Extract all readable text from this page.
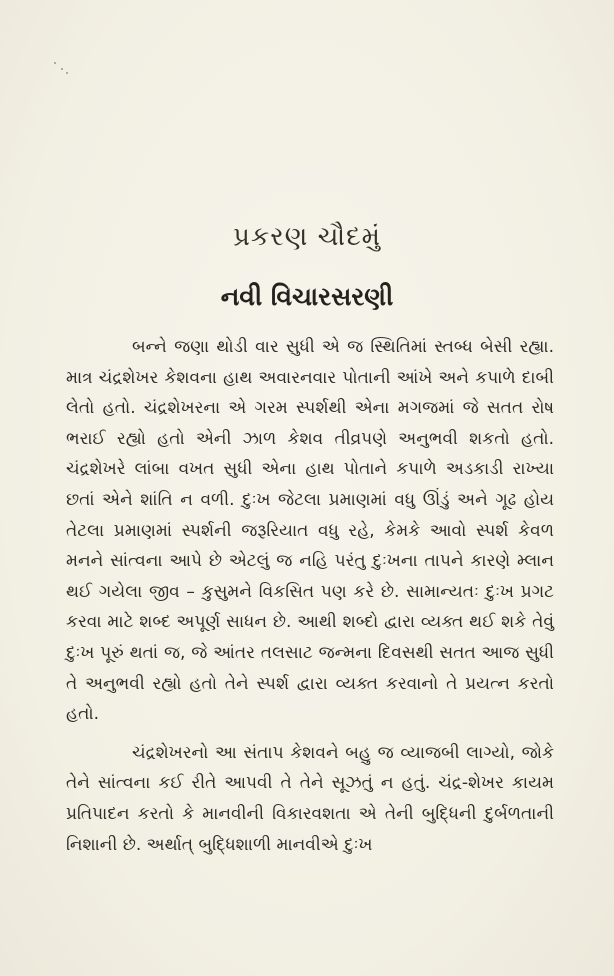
પ્રકરણ ચૌદમું
નવી વિચારસરણી

બન્ને જણા થોડી વાર સુધી એ જ સ્થિતિમાં સ્તબ્ધ બેસી રહ્યા. માત્ર ચંદ્રશેખર કેશવના હાથ અવારનવાર પોતાની આંખે અને કપાળે દાબી લેતો હતો. ચંદ્રશેખરના એ ગરમ સ્પર્શથી એના મગજમાં જે સતત રોષ ભરાઈ રહ્યો હતો એની ઝાળ કેશવ તીવ્રપણે અનુભવી શકતો હતો. ચંદ્રશેખરે લાંબા વખત સુધી એના હાથ પોતાને કપાળે અડકાડી રાખ્યા છતાં એને શાંતિ ન વળી. દુઃખ જેટલા પ્રમાણમાં વધુ ઊંડું અને ગૂઢ હોય તેટલા પ્રમાણમાં સ્પર્શની જરૂરિયાત વધુ રહે, કેમકે આવો સ્પર્શ કેવળ મનને સાંત્વના આપે છે એટલું જ નહિ પરંતુ દુઃખના તાપને કારણે મ્લાન થઈ ગયેલા જીવ – કુસુમને વિકસિત પણ કરે છે. સામાન્યતઃ દુઃખ પ્રગટ કરવા માટે શબ્દ અપૂર્ણ સાધન છે. આથી શબ્દો દ્વારા વ્યક્ત થઈ શકે તેવું દુઃખ પૂરું થતાં જ, જે આંતર તલસાટ જન્મના દિવસથી સતત આજ સુધી તે અનુભવી રહ્યો હતો તેને સ્પર્શ દ્વારા વ્યક્ત કરવાનો તે પ્રયત્ન કરતો હતો.

ચંદ્રશેખરનો આ સંતાપ કેશવને બહુ જ વ્યાજબી લાગ્યો, જોકે તેને સાંત્વના કઈ રીતે આપવી તે તેને સૂઝતું ન હતું. ચંદ્ર-શેખર કાયમ પ્રતિપાદન કરતો કે માનવીની વિકારવશતા એ તેની બુદ્ધિની દુર્બળતાની નિશાની છે. અર્થાત્ બુદ્ધિશાળી માનવીએ દુઃખ
